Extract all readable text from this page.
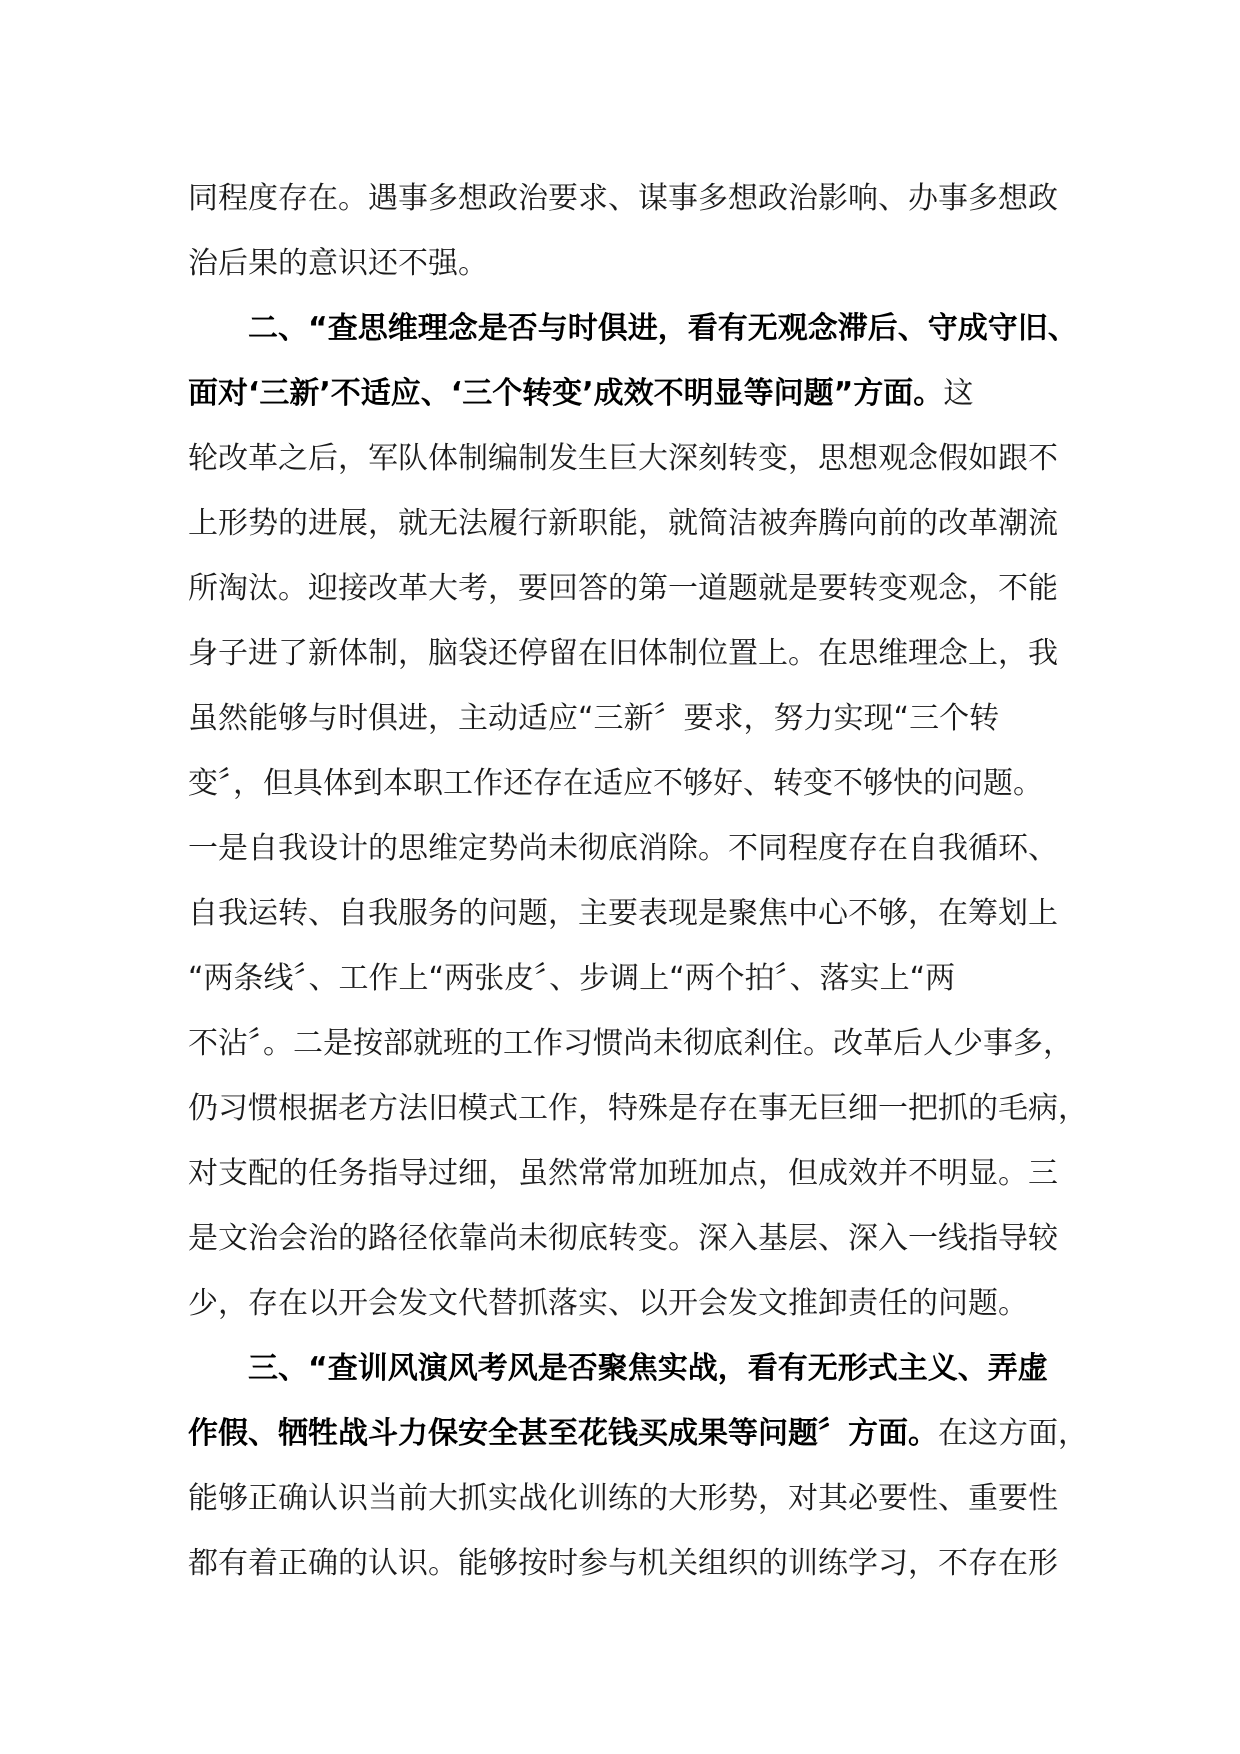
同程度存在。遇事多想政治要求、谋事多想政治影响、办事多想政
治后果的意识还不强。
二、“查思维理念是否与时俱进，看有无观念滞后、守成守旧、
面对‘三新’不适应、‘三个转变’成效不明显等问题”方面。这
轮改革之后，军队体制编制发生巨大深刻转变，思想观念假如跟不
上形势的进展，就无法履行新职能，就简洁被奔腾向前的改革潮流
所淘汰。迎接改革大考，要回答的第一道题就是要转变观念，不能
身子进了新体制，脑袋还停留在旧体制位置上。在思维理念上，我
虽然能够与时俱进，主动适应“三新〞要求，努力实现“三个转
变〞，但具体到本职工作还存在适应不够好、转变不够快的问题。
一是自我设计的思维定势尚未彻底消除。不同程度存在自我循环、
自我运转、自我服务的问题，主要表现是聚焦中心不够，在筹划上
“两条线〞、工作上“两张皮〞、步调上“两个拍〞、落实上“两
不沾〞。二是按部就班的工作习惯尚未彻底剎住。改革后人少事多，
仍习惯根据老方法旧模式工作，特殊是存在事无巨细一把抓的毛病，
对支配的任务指导过细，虽然常常加班加点，但成效并不明显。三
是文治会治的路径依靠尚未彻底转变。深入基层、深入一线指导较
少，存在以开会发文代替抓落实、以开会发文推卸责任的问题。
三、“查训风演风考风是否聚焦实战，看有无形式主义、弄虚
作假、牺牲战斗力保安全甚至花钱买成果等问题〞方面。在这方面，
能够正确认识当前大抓实战化训练的大形势，对其必要性、重要性
都有着正确的认识。能够按时参与机关组织的训练学习，不存在形
